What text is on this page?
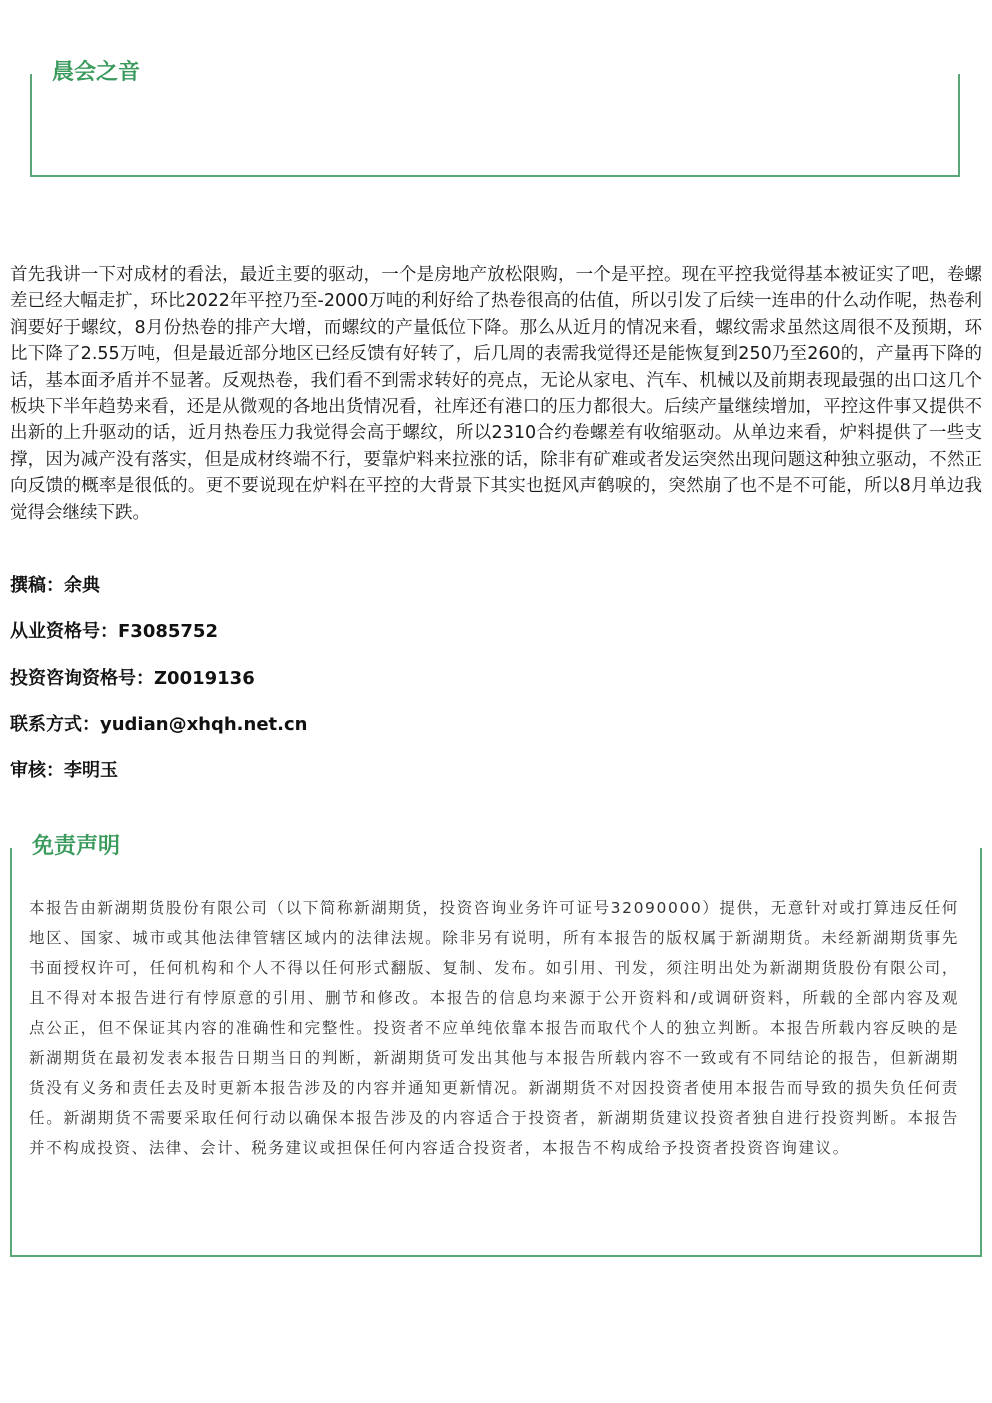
晨会之音

首先我讲一下对成材的看法，最近主要的驱动，一个是房地产放松限购，一个是平控。现在平控我觉得基本被证实了吧，卷螺差已经大幅走扩，环比2022年平控乃至-2000万吨的利好给了热卷很高的估值，所以引发了后续一连串的什么动作呢，热卷利润要好于螺纹，8月份热卷的排产大增，而螺纹的产量低位下降。那么从近月的情况来看，螺纹需求虽然这周很不及预期，环比下降了2.55万吨，但是最近部分地区已经反馈有好转了，后几周的表需我觉得还是能恢复到250乃至260的，产量再下降的话，基本面矛盾并不显著。反观热卷，我们看不到需求转好的亮点，无论从家电、汽车、机械以及前期表现最强的出口这几个板块下半年趋势来看，还是从微观的各地出货情况看，社库还有港口的压力都很大。后续产量继续增加，平控这件事又提供不出新的上升驱动的话，近月热卷压力我觉得会高于螺纹，所以2310合约卷螺差有收缩驱动。从单边来看，炉料提供了一些支撑，因为减产没有落实，但是成材终端不行，要靠炉料来拉涨的话，除非有矿难或者发运突然出现问题这种独立驱动，不然正向反馈的概率是很低的。更不要说现在炉料在平控的大背景下其实也挺风声鹤唳的，突然崩了也不是不可能，所以8月单边我觉得会继续下跌。

撰稿：余典

从业资格号：F3085752

投资咨询资格号：Z0019136

联系方式：yudian@xhqh.net.cn

审核：李明玉

免责声明

本报告由新湖期货股份有限公司（以下简称新湖期货，投资咨询业务许可证号32090000）提供，无意针对或打算违反任何地区、国家、城市或其他法律管辖区域内的法律法规。除非另有说明，所有本报告的版权属于新湖期货。未经新湖期货事先书面授权许可，任何机构和个人不得以任何形式翻版、复制、发布。如引用、刊发，须注明出处为新湖期货股份有限公司，且不得对本报告进行有悖原意的引用、删节和修改。本报告的信息均来源于公开资料和/或调研资料，所载的全部内容及观点公正，但不保证其内容的准确性和完整性。投资者不应单纯依靠本报告而取代个人的独立判断。本报告所载内容反映的是新湖期货在最初发表本报告日期当日的判断，新湖期货可发出其他与本报告所载内容不一致或有不同结论的报告，但新湖期货没有义务和责任去及时更新本报告涉及的内容并通知更新情况。新湖期货不对因投资者使用本报告而导致的损失负任何责任。新湖期货不需要采取任何行动以确保本报告涉及的内容适合于投资者，新湖期货建议投资者独自进行投资判断。本报告并不构成投资、法律、会计、税务建议或担保任何内容适合投资者，本报告不构成给予投资者投资咨询建议。
